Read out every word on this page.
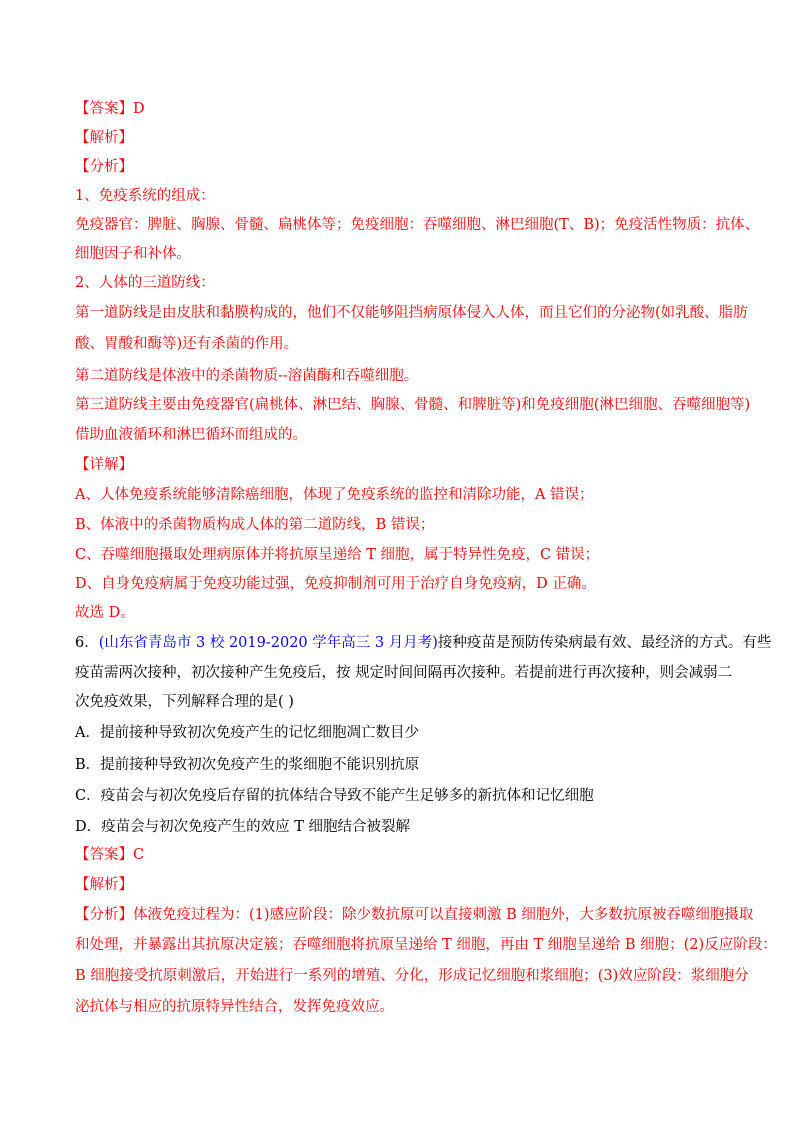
【答案】D
【解析】
【分析】
1、免疫系统的组成：
免疫器官：脾脏、胸腺、骨髓、扁桃体等；免疫细胞：吞噬细胞、淋巴细胞(T、B)；免疫活性物质：抗体、
细胞因子和补体。
2、人体的三道防线：
第一道防线是由皮肤和黏膜构成的，他们不仅能够阻挡病原体侵入人体，而且它们的分泌物(如乳酸、脂肪
酸、胃酸和酶等)还有杀菌的作用。
第二道防线是体液中的杀菌物质--溶菌酶和吞噬细胞。
第三道防线主要由免疫器官(扁桃体、淋巴结、胸腺、骨髓、和脾脏等)和免疫细胞(淋巴细胞、吞噬细胞等)
借助血液循环和淋巴循环而组成的。
【详解】
A、人体免疫系统能够清除癌细胞，体现了免疫系统的监控和清除功能，A 错误；
B、体液中的杀菌物质构成人体的第二道防线，B 错误；
C、吞噬细胞摄取处理病原体并将抗原呈递给 T 细胞，属于特异性免疫，C 错误；
D、自身免疫病属于免疫功能过强，免疫抑制剂可用于治疗自身免疫病，D 正确。
故选 D。
6．(山东省青岛市 3 校 2019-2020 学年高三 3 月月考)接种疫苗是预防传染病最有效、最经济的方式。有些
疫苗需两次接种，初次接种产生免疫后，按 规定时间间隔再次接种。若提前进行再次接种，则会减弱二
次免疫效果，下列解释合理的是( )
A．提前接种导致初次免疫产生的记忆细胞凋亡数目少
B．提前接种导致初次免疫产生的浆细胞不能识别抗原
C．疫苗会与初次免疫后存留的抗体结合导致不能产生足够多的新抗体和记忆细胞
D．疫苗会与初次免疫产生的效应 T 细胞结合被裂解
【答案】C
【解析】
【分析】体液免疫过程为：(1)感应阶段：除少数抗原可以直接刺激 B 细胞外，大多数抗原被吞噬细胞摄取
和处理，并暴露出其抗原决定簇；吞噬细胞将抗原呈递给 T 细胞，再由 T 细胞呈递给 B 细胞；(2)反应阶段：
B 细胞接受抗原刺激后，开始进行一系列的增殖、分化，形成记忆细胞和浆细胞；(3)效应阶段：浆细胞分
泌抗体与相应的抗原特异性结合，发挥免疫效应。
